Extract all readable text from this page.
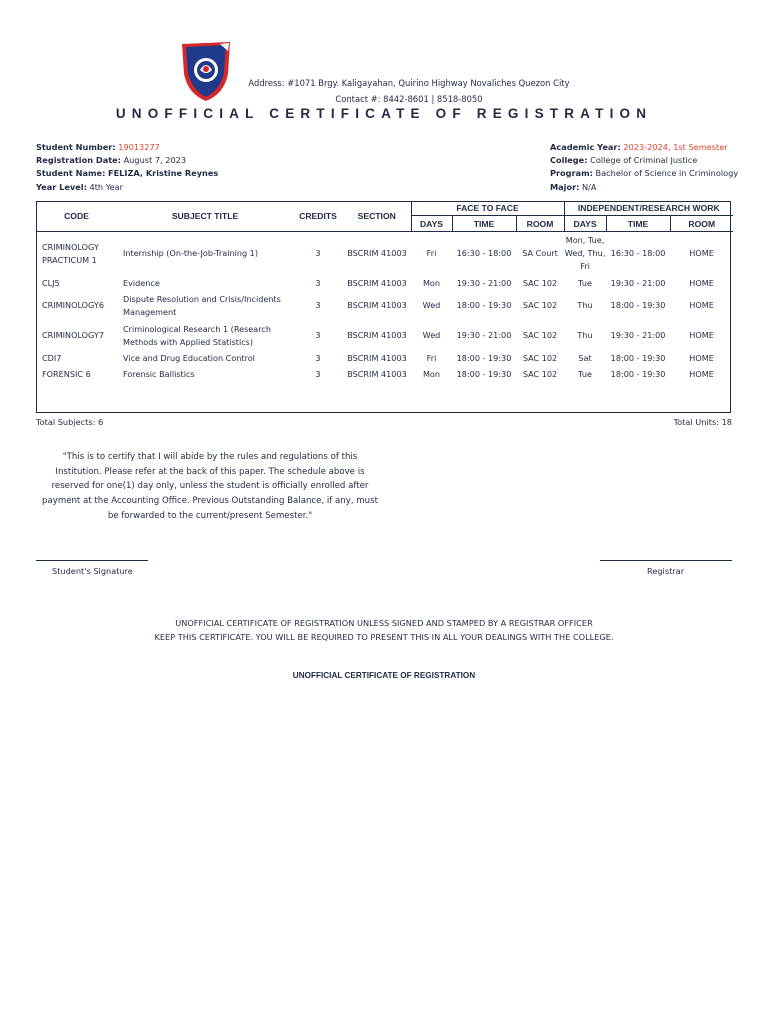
Address: #1071 Brgy. Kaligayahan, Quirino Highway Novaliches Quezon City
Contact #: 8442-8601 | 8518-8050
UNOFFICIAL CERTIFICATE OF REGISTRATION
Student Number: 19013277
Registration Date: August 7, 2023
Student Name: FELIZA, Kristine Reynes
Year Level: 4th Year
Academic Year: 2023-2024, 1st Semester
College: College of Criminal Justice
Program: Bachelor of Science in Criminology
Major: N/A
CODE	SUBJECT TITLE	CREDITS	SECTION	FACE TO FACE			INDEPENDENT/RESEARCH WORK		
				DAYS	TIME	ROOM	DAYS	TIME	ROOM
CRIMINOLOGY PRACTICUM 1	Internship (On-the-Job-Training 1)	3	BSCRIM 41003	Fri	16:30 - 18:00	SA Court	Mon, Tue, Wed, Thu, Fri	16:30 - 18:00	HOME
CLJ5	Evidence	3	BSCRIM 41003	Mon	19:30 - 21:00	SAC 102	Tue	19:30 - 21:00	HOME
CRIMINOLOGY6	Dispute Resolution and Crisis/Incidents Management	3	BSCRIM 41003	Wed	18:00 - 19:30	SAC 102	Thu	18:00 - 19:30	HOME
CRIMINOLOGY7	Criminological Research 1 (Research Methods with Applied Statistics)	3	BSCRIM 41003	Wed	19:30 - 21:00	SAC 102	Thu	19:30 - 21:00	HOME
CDI7	Vice and Drug Education Control	3	BSCRIM 41003	Fri	18:00 - 19:30	SAC 102	Sat	18:00 - 19:30	HOME
FORENSIC 6	Forensic Ballistics	3	BSCRIM 41003	Mon	18:00 - 19:30	SAC 102	Tue	18:00 - 19:30	HOME
Total Subjects: 6	Total Units: 18
"This is to certify that I will abide by the rules and regulations of this Institution. Please refer at the back of this paper. The schedule above is reserved for one(1) day only, unless the student is officially enrolled after payment at the Accounting Office. Previous Outstanding Balance, if any, must be forwarded to the current/present Semester."
Student's Signature	Registrar
UNOFFICIAL CERTIFICATE OF REGISTRATION UNLESS SIGNED AND STAMPED BY A REGISTRAR OFFICER
KEEP THIS CERTIFICATE. YOU WILL BE REQUIRED TO PRESENT THIS IN ALL YOUR DEALINGS WITH THE COLLEGE.
UNOFFICIAL CERTIFICATE OF REGISTRATION
